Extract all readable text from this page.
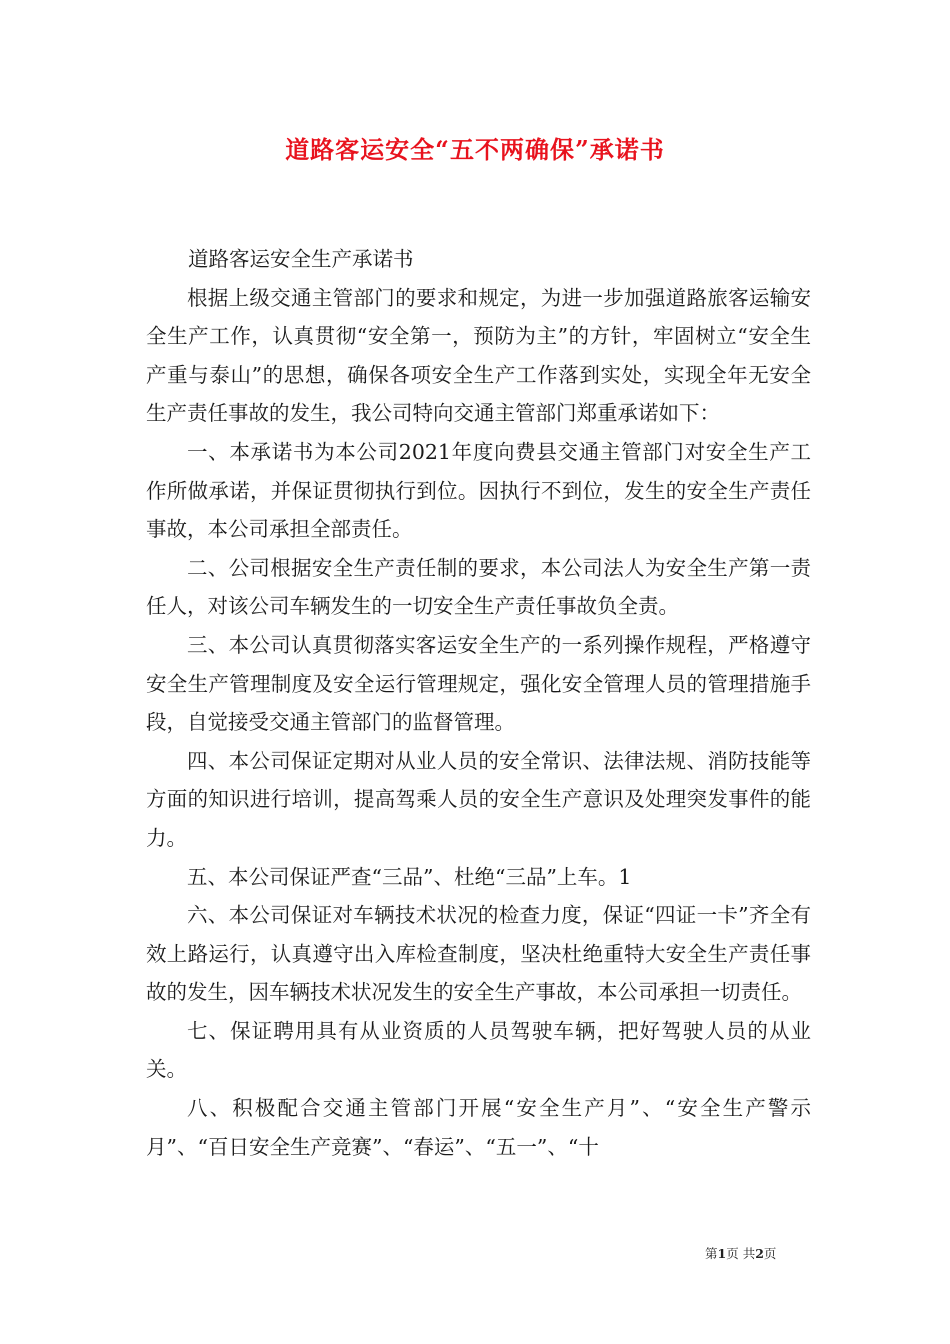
道路客运安全“五不两确保”承诺书

道路客运安全生产承诺书

根据上级交通主管部门的要求和规定，为进一步加强道路旅客运输安全生产工作，认真贯彻“安全第一，预防为主”的方针，牢固树立“安全生产重与泰山”的思想，确保各项安全生产工作落到实处，实现全年无安全生产责任事故的发生，我公司特向交通主管部门郑重承诺如下：

一、本承诺书为本公司2021年度向费县交通主管部门对安全生产工作所做承诺，并保证贯彻执行到位。因执行不到位，发生的安全生产责任事故，本公司承担全部责任。

二、公司根据安全生产责任制的要求，本公司法人为安全生产第一责任人，对该公司车辆发生的一切安全生产责任事故负全责。

三、本公司认真贯彻落实客运安全生产的一系列操作规程，严格遵守安全生产管理制度及安全运行管理规定，强化安全管理人员的管理措施手段，自觉接受交通主管部门的监督管理。

四、本公司保证定期对从业人员的安全常识、法律法规、消防技能等方面的知识进行培训，提高驾乘人员的安全生产意识及处理突发事件的能力。

五、本公司保证严查“三品”、杜绝“三品”上车。1

六、本公司保证对车辆技术状况的检查力度，保证“四证一卡”齐全有效上路运行，认真遵守出入库检查制度，坚决杜绝重特大安全生产责任事故的发生，因车辆技术状况发生的安全生产事故，本公司承担一切责任。

七、保证聘用具有从业资质的人员驾驶车辆，把好驾驶人员的从业关。

八、积极配合交通主管部门开展“安全生产月”、“安全生产警示月”、“百日安全生产竞赛”、“春运”、“五一”、“十

第1页 共2页
